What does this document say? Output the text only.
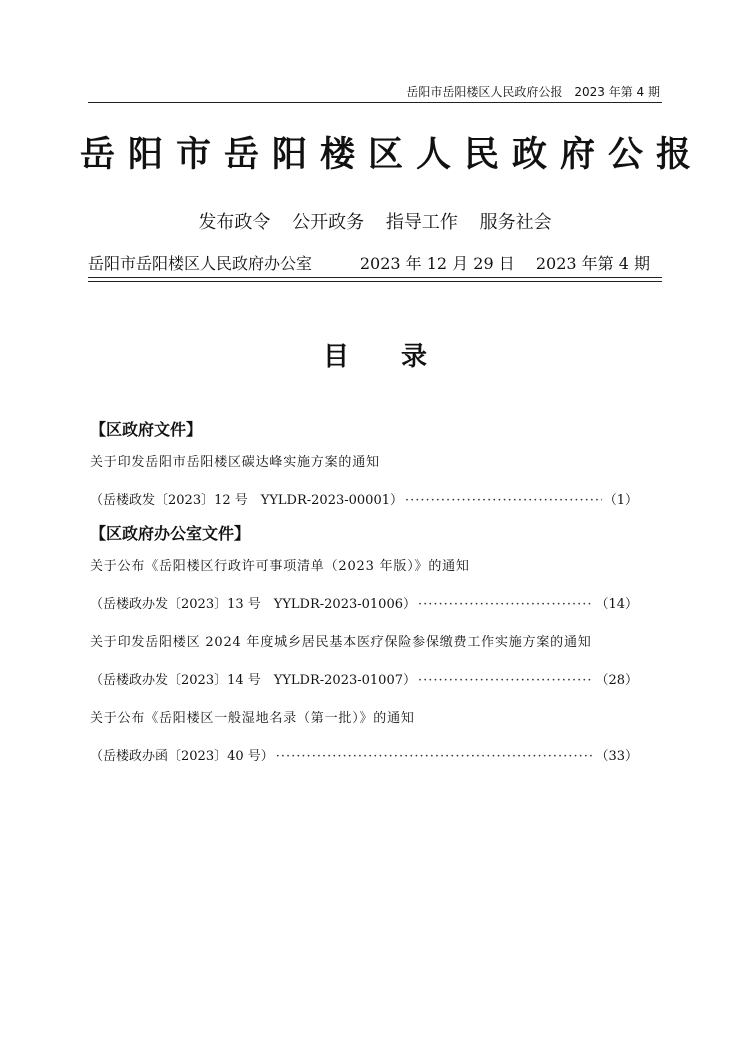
岳阳市岳阳楼区人民政府公报　2023 年第 4 期
岳阳市岳阳楼区人民政府公报
发布政令 公开政务 指导工作 服务社会
岳阳市岳阳楼区人民政府办公室	2023 年 12 月 29 日 2023 年第 4 期
目录
【区政府文件】
关于印发岳阳市岳阳楼区碳达峰实施方案的通知
（岳楼政发〔2023〕12 号　YYLDR-2023-00001） ·····	（1）
【区政府办公室文件】
关于公布《岳阳楼区行政许可事项清单（2023 年版）》的通知
（岳楼政办发〔2023〕13 号　YYLDR-2023-01006） ·····	（14）
关于印发岳阳楼区 2024 年度城乡居民基本医疗保险参保缴费工作实施方案的通知
（岳楼政办发〔2023〕14 号　YYLDR-2023-01007） ·····	（28）
关于公布《岳阳楼区一般湿地名录（第一批）》的通知
（岳楼政办函〔2023〕40 号） ·····	（33）
